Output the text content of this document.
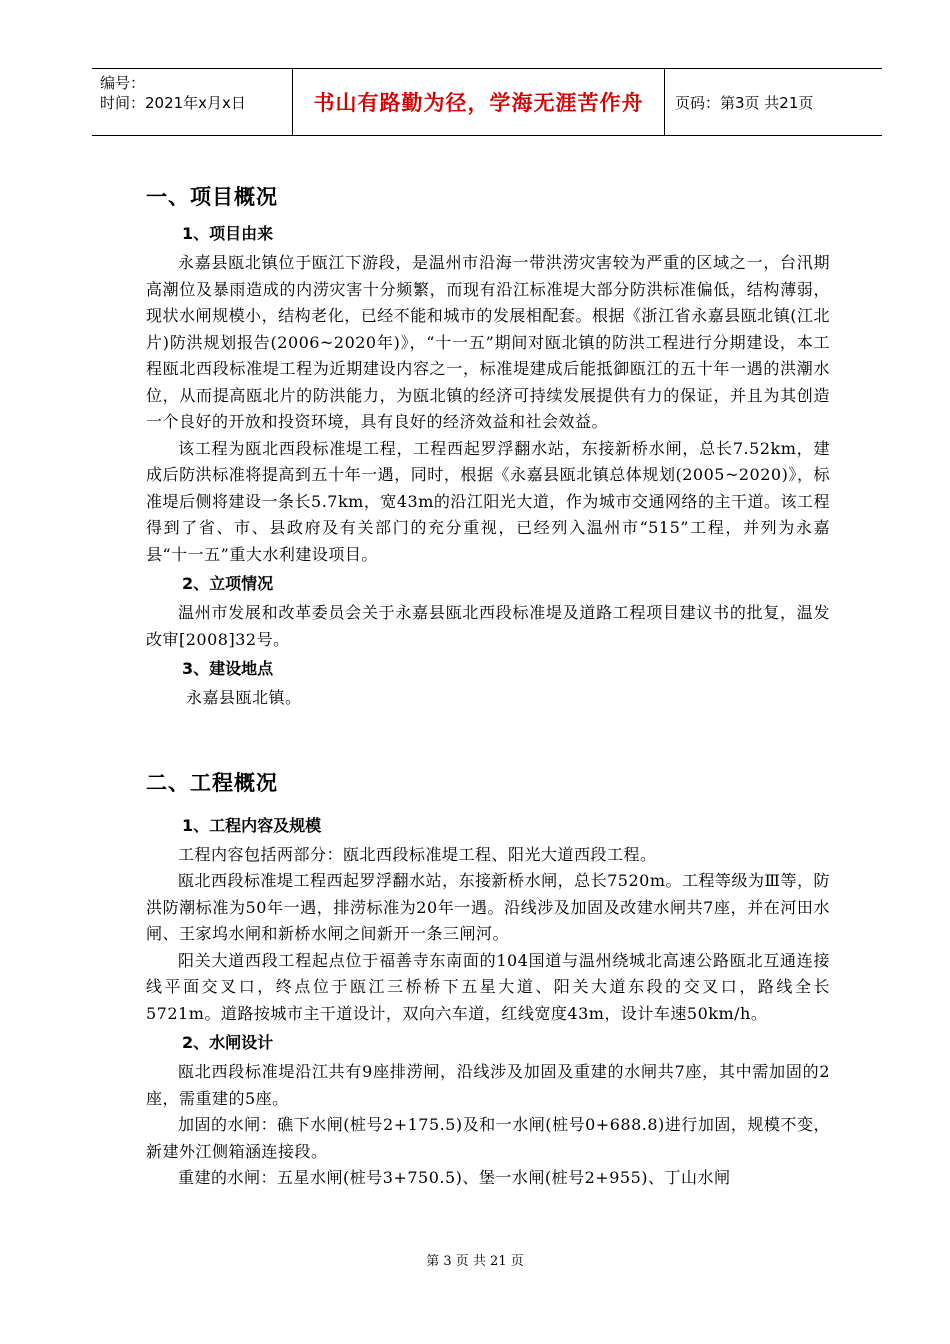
编号：
时间：2021年x月x日	书山有路勤为径，学海无涯苦作舟 页码：第3页 共21页
一、项目概况
1、项目由来

永嘉县瓯北镇位于瓯江下游段，是温州市沿海一带洪涝灾害较为严重的区域之一，台汛期高潮位及暴雨造成的内涝灾害十分频繁，而现有沿江标准堤大部分防洪标准偏低，结构薄弱，现状水闸规模小，结构老化，已经不能和城市的发展相配套。根据《浙江省永嘉县瓯北镇(江北片)防洪规划报告(2006~2020年)》，“十一五”期间对瓯北镇的防洪工程进行分期建设，本工程瓯北西段标准堤工程为近期建设内容之一，标准堤建成后能抵御瓯江的五十年一遇的洪潮水位，从而提高瓯北片的防洪能力，为瓯北镇的经济可持续发展提供有力的保证，并且为其创造一个良好的开放和投资环境，具有良好的经济效益和社会效益。

该工程为瓯北西段标准堤工程，工程西起罗浮翻水站，东接新桥水闸，总长7.52km，建成后防洪标准将提高到五十年一遇，同时，根据《永嘉县瓯北镇总体规划(2005~2020)》，标准堤后侧将建设一条长5.7km，宽43m的沿江阳光大道，作为城市交通网络的主干道。该工程得到了省、市、县政府及有关部门的充分重视，已经列入温州市“515”工程，并列为永嘉县“十一五”重大水利建设项目。

2、立项情况

温州市发展和改革委员会关于永嘉县瓯北西段标准堤及道路工程项目建议书的批复，温发改审[2008]32号。

3、建设地点

永嘉县瓯北镇。

二、工程概况
1、工程内容及规模

工程内容包括两部分：瓯北西段标准堤工程、阳光大道西段工程。

瓯北西段标准堤工程西起罗浮翻水站，东接新桥水闸，总长7520m。工程等级为Ⅲ等，防洪防潮标准为50年一遇，排涝标准为20年一遇。沿线涉及加固及改建水闸共7座，并在河田水闸、王家坞水闸和新桥水闸之间新开一条三闸河。

阳关大道西段工程起点位于福善寺东南面的104国道与温州绕城北高速公路瓯北互通连接线平面交叉口，终点位于瓯江三桥桥下五星大道、阳关大道东段的交叉口，路线全长5721m。道路按城市主干道设计，双向六车道，红线宽度43m，设计车速50km/h。

2、水闸设计

瓯北西段标准堤沿江共有9座排涝闸，沿线涉及加固及重建的水闸共7座，其中需加固的2座，需重建的5座。

加固的水闸：礁下水闸(桩号2+175.5)及和一水闸(桩号0+688.8)进行加固，规模不变，新建外江侧箱涵连接段。

重建的水闸：五星水闸(桩号3+750.5)、堡一水闸(桩号2+955)、丁山水闸

第 3 页 共 21 页
